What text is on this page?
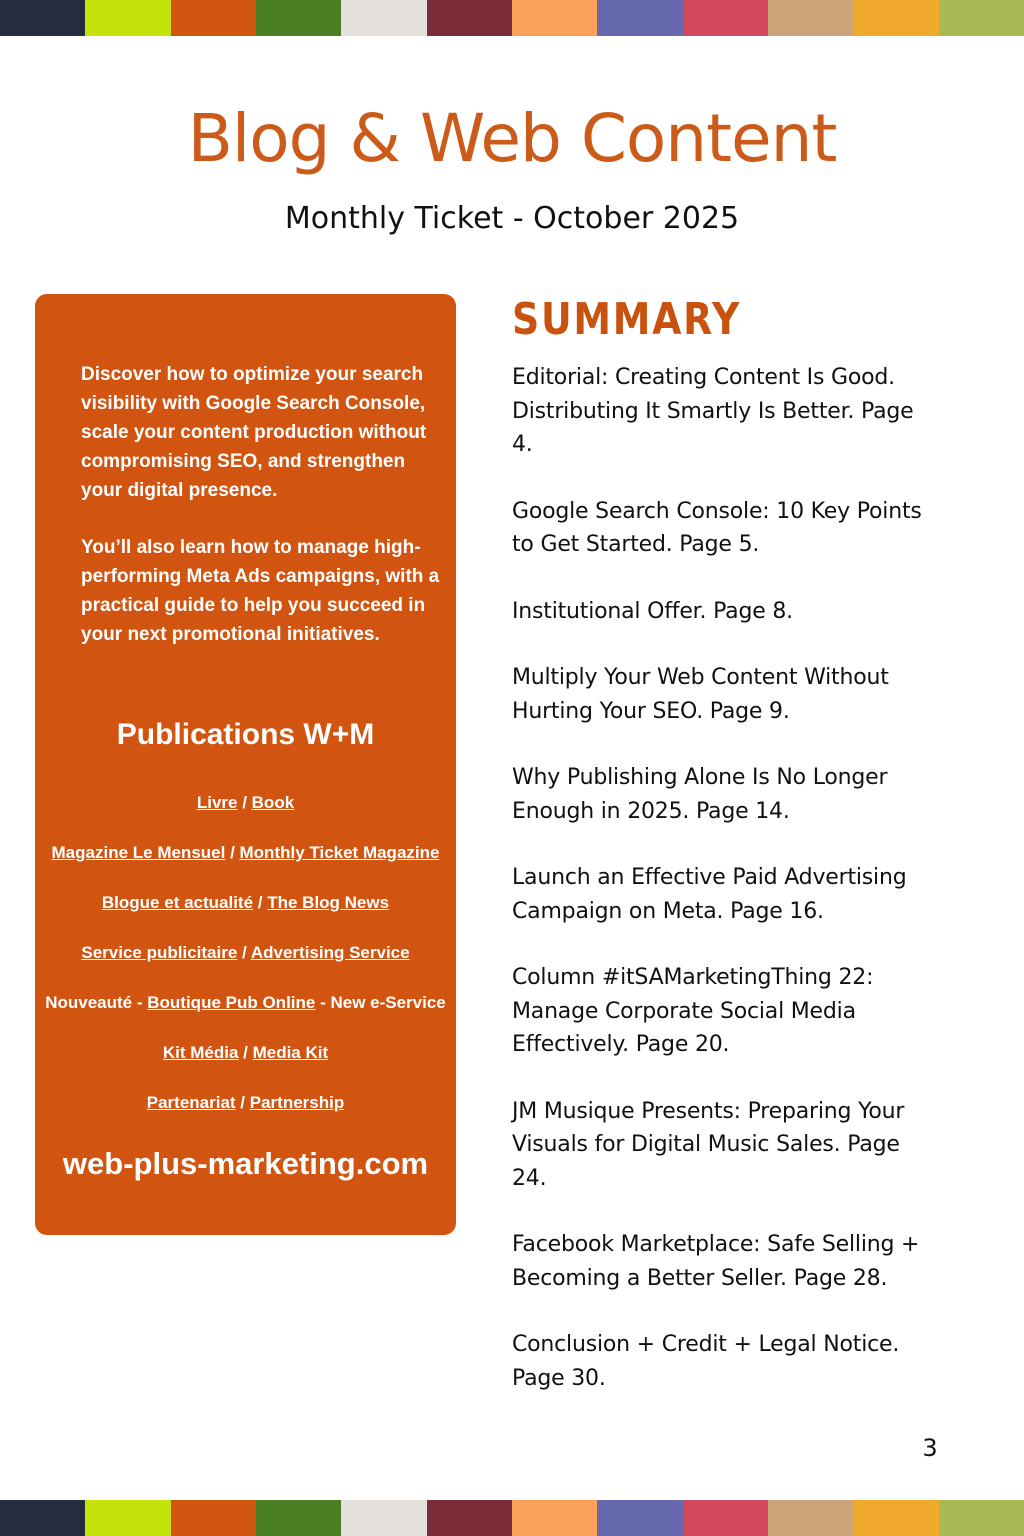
Blog & Web Content
Monthly Ticket - October 2025

Discover how to optimize your search visibility with Google Search Console, scale your content production without compromising SEO, and strengthen your digital presence.

You’ll also learn how to manage high-performing Meta Ads campaigns, with a practical guide to help you succeed in your next promotional initiatives.

Publications W+M
Livre / Book
Magazine Le Mensuel / Monthly Ticket Magazine
Blogue et actualité / The Blog News
Service publicitaire / Advertising Service
Nouveauté - Boutique Pub Online - New e-Service
Kit Média / Media Kit
Partenariat / Partnership
web-plus-marketing.com
SUMMARY
Editorial: Creating Content Is Good. Distributing It Smartly Is Better. Page 4.
Google Search Console: 10 Key Points to Get Started. Page 5.
Institutional Offer. Page 8.
Multiply Your Web Content Without Hurting Your SEO. Page 9.
Why Publishing Alone Is No Longer Enough in 2025. Page 14.
Launch an Effective Paid Advertising Campaign on Meta. Page 16.
Column #itSAMarketingThing 22: Manage Corporate Social Media Effectively. Page 20.
JM Musique Presents: Preparing Your Visuals for Digital Music Sales. Page 24.
Facebook Marketplace: Safe Selling + Becoming a Better Seller. Page 28.
Conclusion + Credit + Legal Notice. Page 30.
3
